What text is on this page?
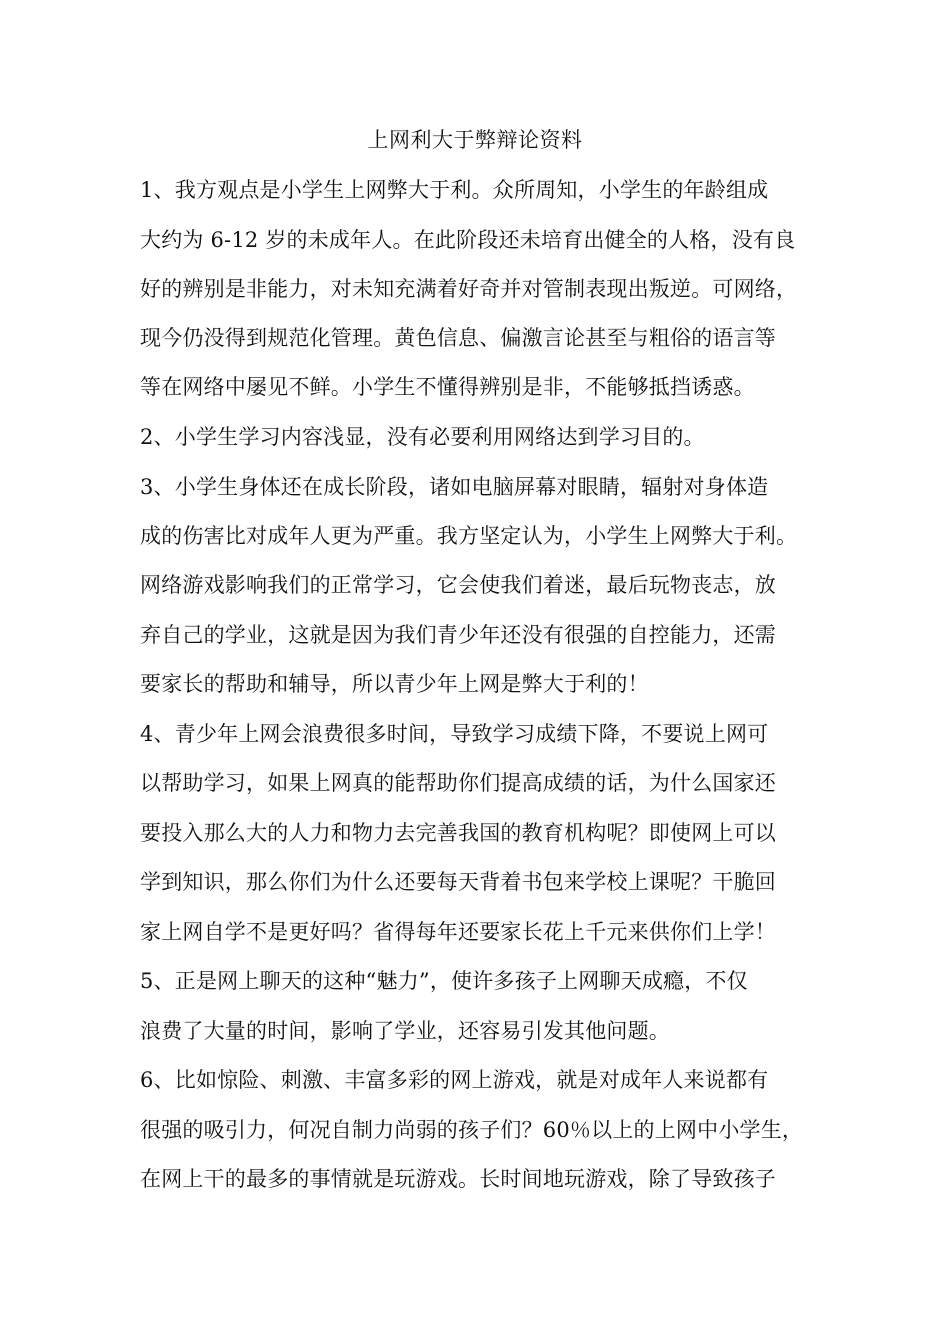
上网利大于弊辩论资料
1、我方观点是小学生上网弊大于利。众所周知，小学生的年龄组成
大约为 6-12 岁的未成年人。在此阶段还未培育出健全的人格，没有良
好的辨别是非能力，对未知充满着好奇并对管制表现出叛逆。可网络，
现今仍没得到规范化管理。黄色信息、偏激言论甚至与粗俗的语言等
等在网络中屡见不鲜。小学生不懂得辨别是非，不能够抵挡诱惑。
2、小学生学习内容浅显，没有必要利用网络达到学习目的。
3、小学生身体还在成长阶段，诸如电脑屏幕对眼睛，辐射对身体造
成的伤害比对成年人更为严重。我方坚定认为，小学生上网弊大于利。
网络游戏影响我们的正常学习，它会使我们着迷，最后玩物丧志，放
弃自己的学业，这就是因为我们青少年还没有很强的自控能力，还需
要家长的帮助和辅导，所以青少年上网是弊大于利的！
4、青少年上网会浪费很多时间，导致学习成绩下降，不要说上网可
以帮助学习，如果上网真的能帮助你们提高成绩的话，为什么国家还
要投入那么大的人力和物力去完善我国的教育机构呢？即使网上可以
学到知识，那么你们为什么还要每天背着书包来学校上课呢？干脆回
家上网自学不是更好吗？省得每年还要家长花上千元来供你们上学！
5、正是网上聊天的这种“魅力”，使许多孩子上网聊天成瘾，不仅
浪费了大量的时间，影响了学业，还容易引发其他问题。
6、比如惊险、刺激、丰富多彩的网上游戏，就是对成年人来说都有
很强的吸引力，何况自制力尚弱的孩子们？60％以上的上网中小学生，
在网上干的最多的事情就是玩游戏。长时间地玩游戏，除了导致孩子
